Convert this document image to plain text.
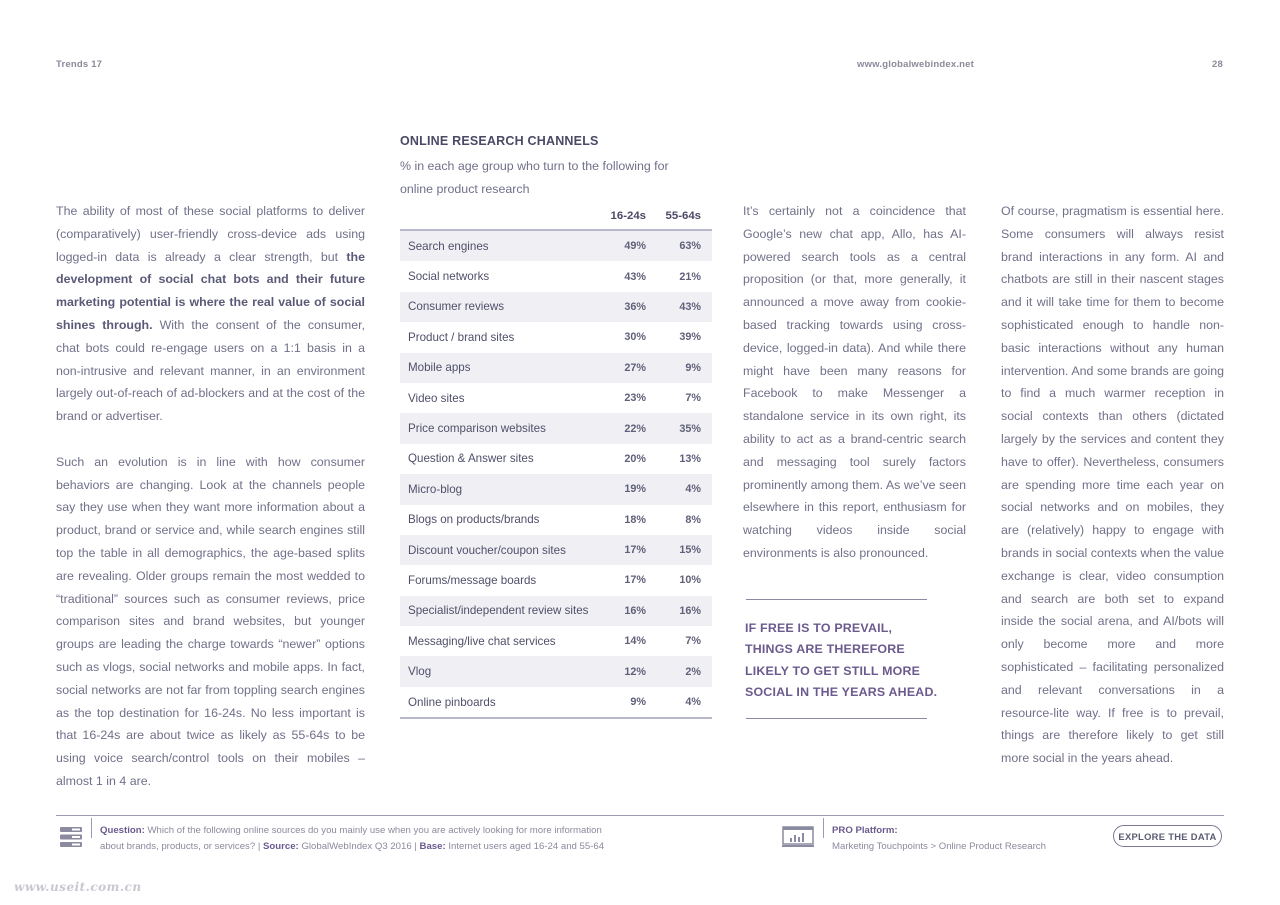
Trends 17	www.globalwebindex.net	28

The ability of most of these social platforms to deliver (comparatively) user-friendly cross-device ads using logged-in data is already a clear strength, but the development of social chat bots and their future marketing potential is where the real value of social shines through. With the consent of the consumer, chat bots could re-engage users on a 1:1 basis in a non-intrusive and relevant manner, in an environment largely out-of-reach of ad-blockers and at the cost of the brand or advertiser.

Such an evolution is in line with how consumer behaviors are changing. Look at the channels people say they use when they want more information about a product, brand or service and, while search engines still top the table in all demographics, the age-based splits are revealing. Older groups remain the most wedded to “traditional” sources such as consumer reviews, price comparison sites and brand websites, but younger groups are leading the charge towards “newer” options such as vlogs, social networks and mobile apps. In fact, social networks are not far from toppling search engines as the top destination for 16-24s. No less important is that 16-24s are about twice as likely as 55-64s to be using voice search/control tools on their mobiles – almost 1 in 4 are.

ONLINE RESEARCH CHANNELS
% in each age group who turn to the following for online product research
	16-24s	55-64s
Search engines	49%	63%
Social networks	43%	21%
Consumer reviews	36%	43%
Product / brand sites	30%	39%
Mobile apps	27%	9%
Video sites	23%	7%
Price comparison websites	22%	35%
Question & Answer sites	20%	13%
Micro-blog	19%	4%
Blogs on products/brands	18%	8%
Discount voucher/coupon sites	17%	15%
Forums/message boards	17%	10%
Specialist/independent review sites	16%	16%
Messaging/live chat services	14%	7%
Vlog	12%	2%
Online pinboards	9%	4%

It’s certainly not a coincidence that Google’s new chat app, Allo, has AI-powered search tools as a central proposition (or that, more generally, it announced a move away from cookie-based tracking towards using cross-device, logged-in data). And while there might have been many reasons for Facebook to make Messenger a standalone service in its own right, its ability to act as a brand-centric search and messaging tool surely factors prominently among them. As we’ve seen elsewhere in this report, enthusiasm for watching videos inside social environments is also pronounced.

IF FREE IS TO PREVAIL,
THINGS ARE THEREFORE
LIKELY TO GET STILL MORE
SOCIAL IN THE YEARS AHEAD.

Of course, pragmatism is essential here. Some consumers will always resist brand interactions in any form. AI and chatbots are still in their nascent stages and it will take time for them to become sophisticated enough to handle non-basic interactions without any human intervention. And some brands are going to find a much warmer reception in social contexts than others (dictated largely by the services and content they have to offer). Nevertheless, consumers are spending more time each year on social networks and on mobiles, they are (relatively) happy to engage with brands in social contexts when the value exchange is clear, video consumption and search are both set to expand inside the social arena, and AI/bots will only become more and more sophisticated – facilitating personalized and relevant conversations in a resource-lite way. If free is to prevail, things are therefore likely to get still more social in the years ahead.

Question: Which of the following online sources do you mainly use when you are actively looking for more information
about brands, products, or services? | Source: GlobalWebIndex Q3 2016 | Base: Internet users aged 16-24 and 55-64
PRO Platform:
Marketing Touchpoints > Online Product Research
EXPLORE THE DATA
www.useit.com.cn
